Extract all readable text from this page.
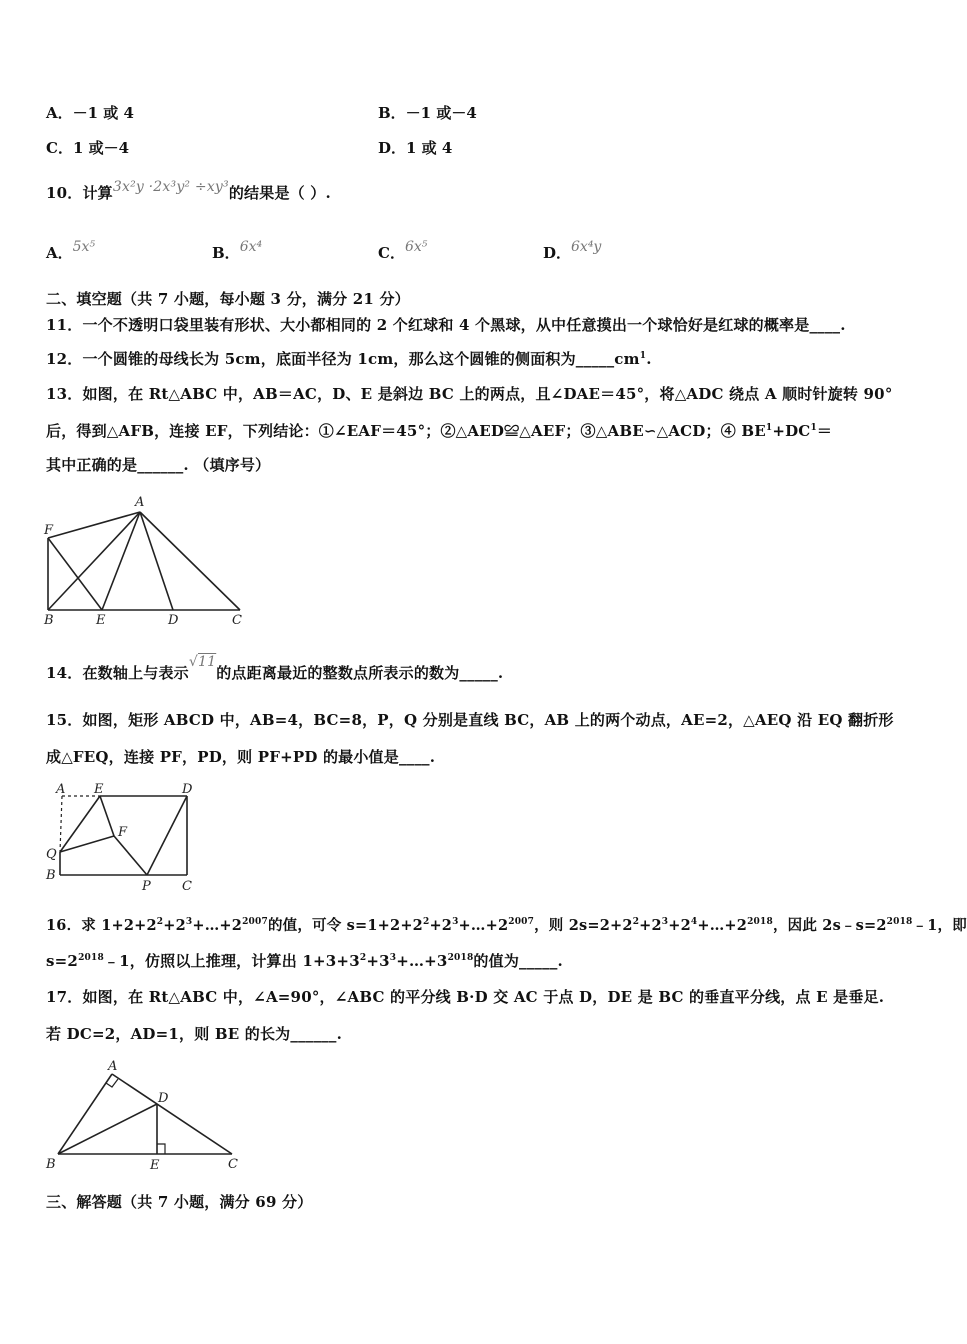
A．－1 或 4	B．－1 或－4
C．1 或－4	D．1 或 4
10．计算3x²y ·2x³y² ÷xy³的结果是（ ）.
A．5x⁵	B．6x⁴	C．6x⁵	D．6x⁴y
二、填空题（共 7 小题，每小题 3 分，满分 21 分）
11．一个不透明口袋里装有形状、大小都相同的 2 个红球和 4 个黑球，从中任意摸出一个球恰好是红球的概率是____.
12．一个圆锥的母线长为 5cm，底面半径为 1cm，那么这个圆锥的侧面积为$\_\_\_\_\_cm^1$.
13．如图，在 Rt△ABC 中，AB＝AC，D、E 是斜边 BC 上的两点，且∠DAE＝45°，将△ADC 绕点 A 顺时针旋转 90°
后，得到△AFB，连接 EF，下列结论：①∠EAF＝45°；②△AED≌△AEF；③△ABE∽△ACD；④ $BE^1+DC^1=$
其中正确的是______. （填序号）
A
F
B	E	D	C
14．在数轴上与表示√11的点距离最近的整数点所表示的数为_____.
15．如图，矩形 ABCD 中，AB=4，BC=8，P，Q 分别是直线 BC，AB 上的两个动点，AE=2，△AEQ 沿 EQ 翻折形
成△FEQ，连接 PF，PD，则 PF+PD 的最小值是____.
A E	D
F
Q
B
P C
16．求 $1+2+2^2+2^3+\dots+2^{2007}$的值，可令 $s=1+2+2^2+2^3+\dots+2^{2007}$，则 $2s=2+2^2+2^3+2^4+\dots+2^{2018}$，因此 $2s﹣s=2^{2018}﹣1$，即
$s=2^{2018}﹣1$，仿照以上推理，计算出 $1+3+3^2+3^3+\dots+3^{2018}$的值为_____.
17．如图，在 Rt△ABC 中，∠A=90°，∠ABC 的平分线 B·D 交 AC 于点 D，DE 是 BC 的垂直平分线，点 E 是垂足.
若 DC=2，AD=1，则 BE 的长为______.
A
D
B	E	C
三、解答题（共 7 小题，满分 69 分）
